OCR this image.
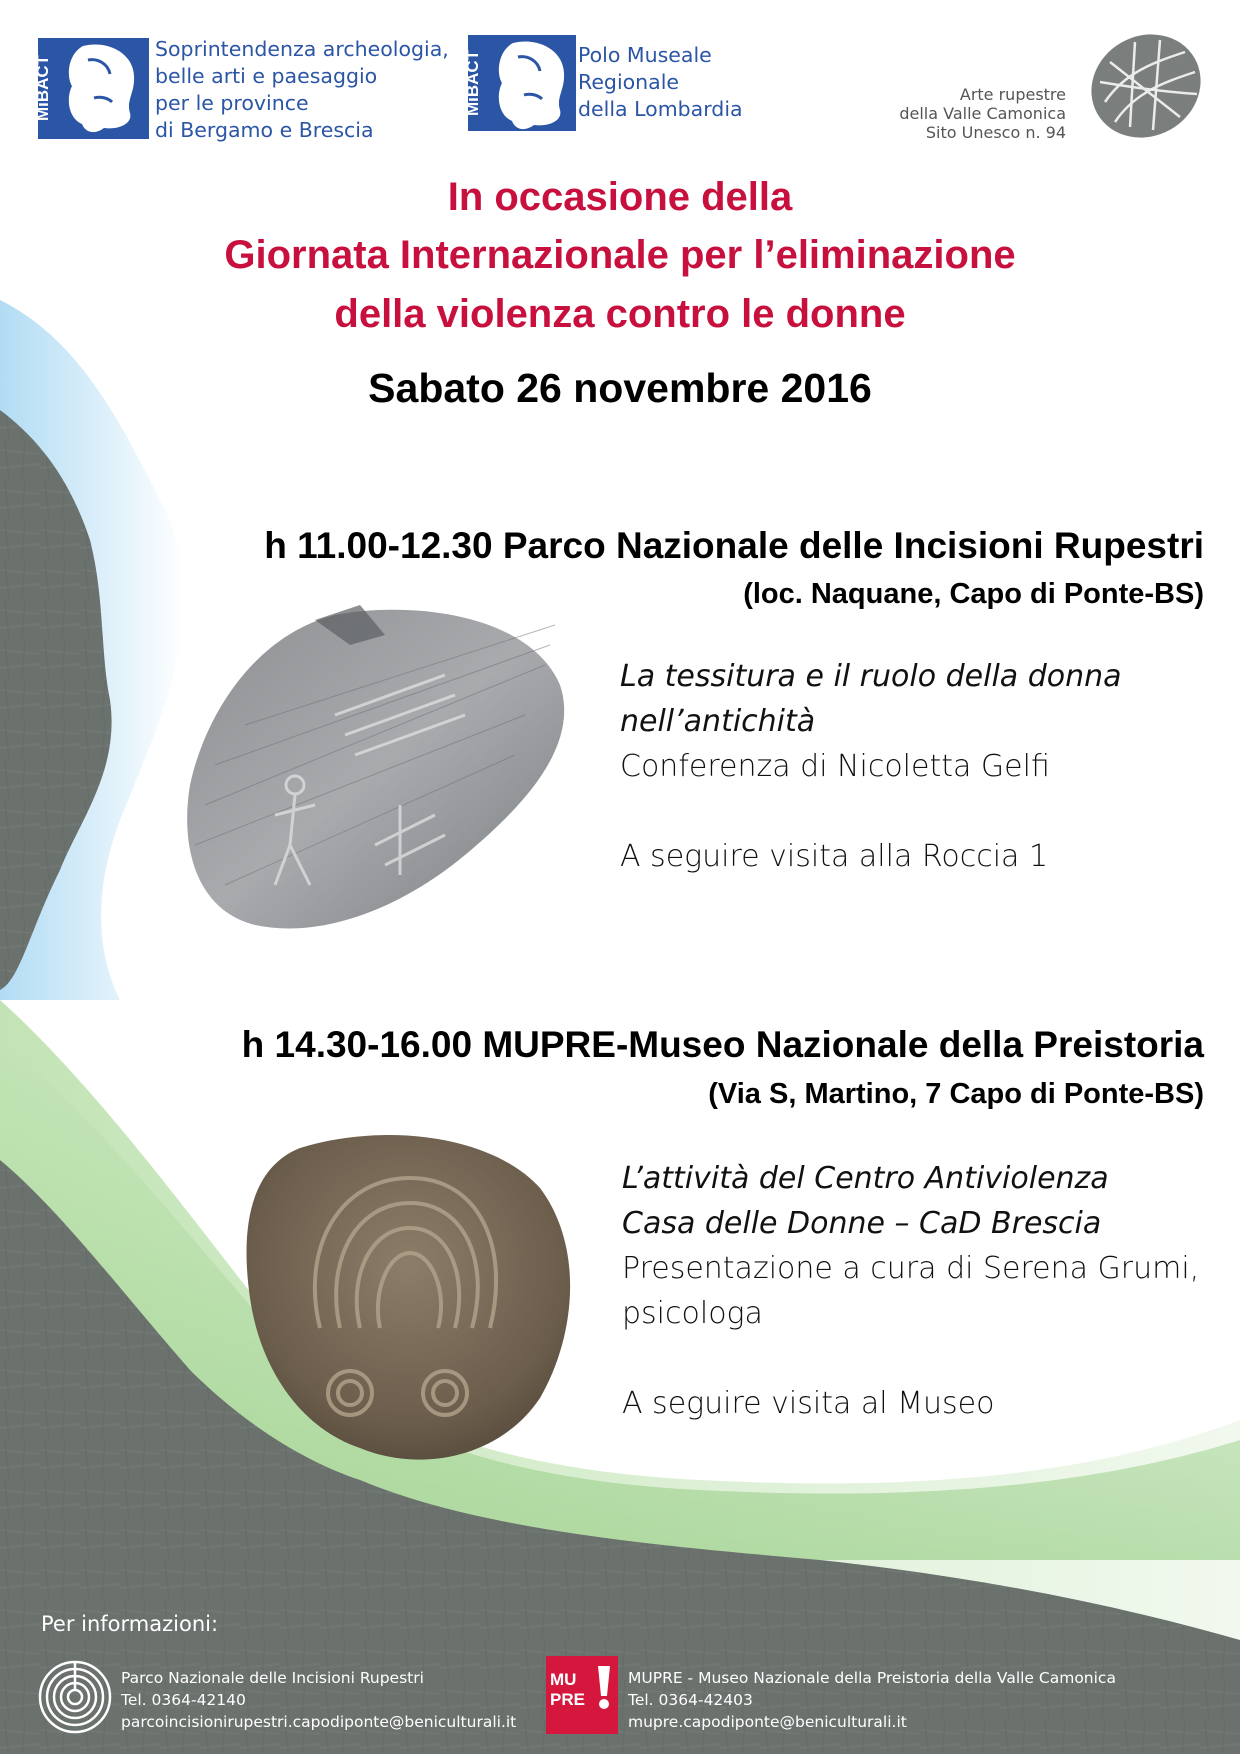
MiBACT
Soprintendenza archeologia,
belle arti e paesaggio
per le province
di Bergamo e Brescia
MiBACT	Polo Museale
Regionale
della Lombardia
Arte rupestre
della Valle Camonica
Sito Unesco n. 94
In occasione della
Giornata Internazionale per l’eliminazione
della violenza contro le donne
Sabato 26 novembre 2016
h 11.00-12.30 Parco Nazionale delle Incisioni Rupestri
(loc. Naquane, Capo di Ponte-BS)
La tessitura e il ruolo della donna
nell’antichità
Conferenza di Nicoletta Gelfi
A seguire visita alla Roccia 1
h 14.30-16.00 MUPRE-Museo Nazionale della Preistoria
(Via S, Martino, 7 Capo di Ponte-BS)
L’attività del Centro Antiviolenza
Casa delle Donne – CaD Brescia
Presentazione a cura di Serena Grumi,
psicologa
A seguire visita al Museo
Per informazioni:
Parco Nazionale delle Incisioni Rupestri
Tel. 0364-42140
parcoincisionirupestri.capodiponte@beniculturali.it
MU PRE
MUPRE - Museo Nazionale della Preistoria della Valle Camonica
Tel. 0364-42403
mupre.capodiponte@beniculturali.it
